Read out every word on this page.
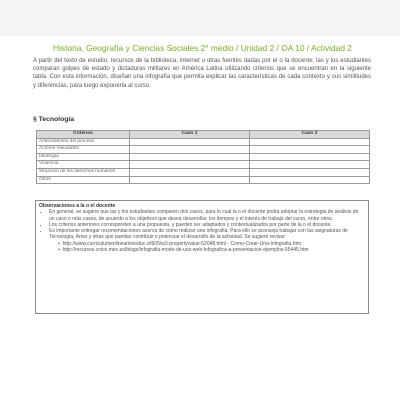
Historia, Geografía y Ciencias Sociales 2° medio / Unidad 2 / OA 10 / Actividad 2
A partir del texto de estudio, recursos de la biblioteca, internet u otras fuentes dadas por el o la docente, las y los estudiantes comparan golpes de estado y dictaduras militares en América Latina utilizando criterios que se encuentran en la siguiente tabla. Con esta información, diseñan una infografía que permita explicar las características de cada contexto y sus similitudes y diferencias, para luego exponerla al curso.
§ Tecnología
Criterios	Caso 1	Caso 2
Antecedentes del proceso		
Actores relevantes		
Ideología		
Violencia		
Situación de los derechos humanos		
Otros		
Observaciones a la o el docente
• En general, se sugiere que las y los estudiantes comparen dos casos, para lo cual la o el docente podrá adoptar la estrategia de análisis de un caso o más casos, de acuerdo a los objetivos que desea desarrollar, los tiempos y el interés de trabajo del curso, entre otros.
• Los criterios anteriores corresponden a una propuesta, y pueden ser adaptados y contextualizados por parte de la o el docente.
• Es importante entregar recomendaciones acerca de cómo realizar una infografía. Para ello se aconseja trabajar con las asignaturas de Tecnología, Artes y otras que puedan contribuir o potenciar el desarrollo de la actividad. Se sugiere revisar:
➢ http://www.curriculumenlineamineduc.cl/605/w3-propertyvalue-52048.html - Como-Crear-Una-Infografia.htm
➢ http://recursos.cnice.mec.es/blogs/infografia-modo-de-uso-web-infografica-a-presentacion-ejemplos-55445.htm
